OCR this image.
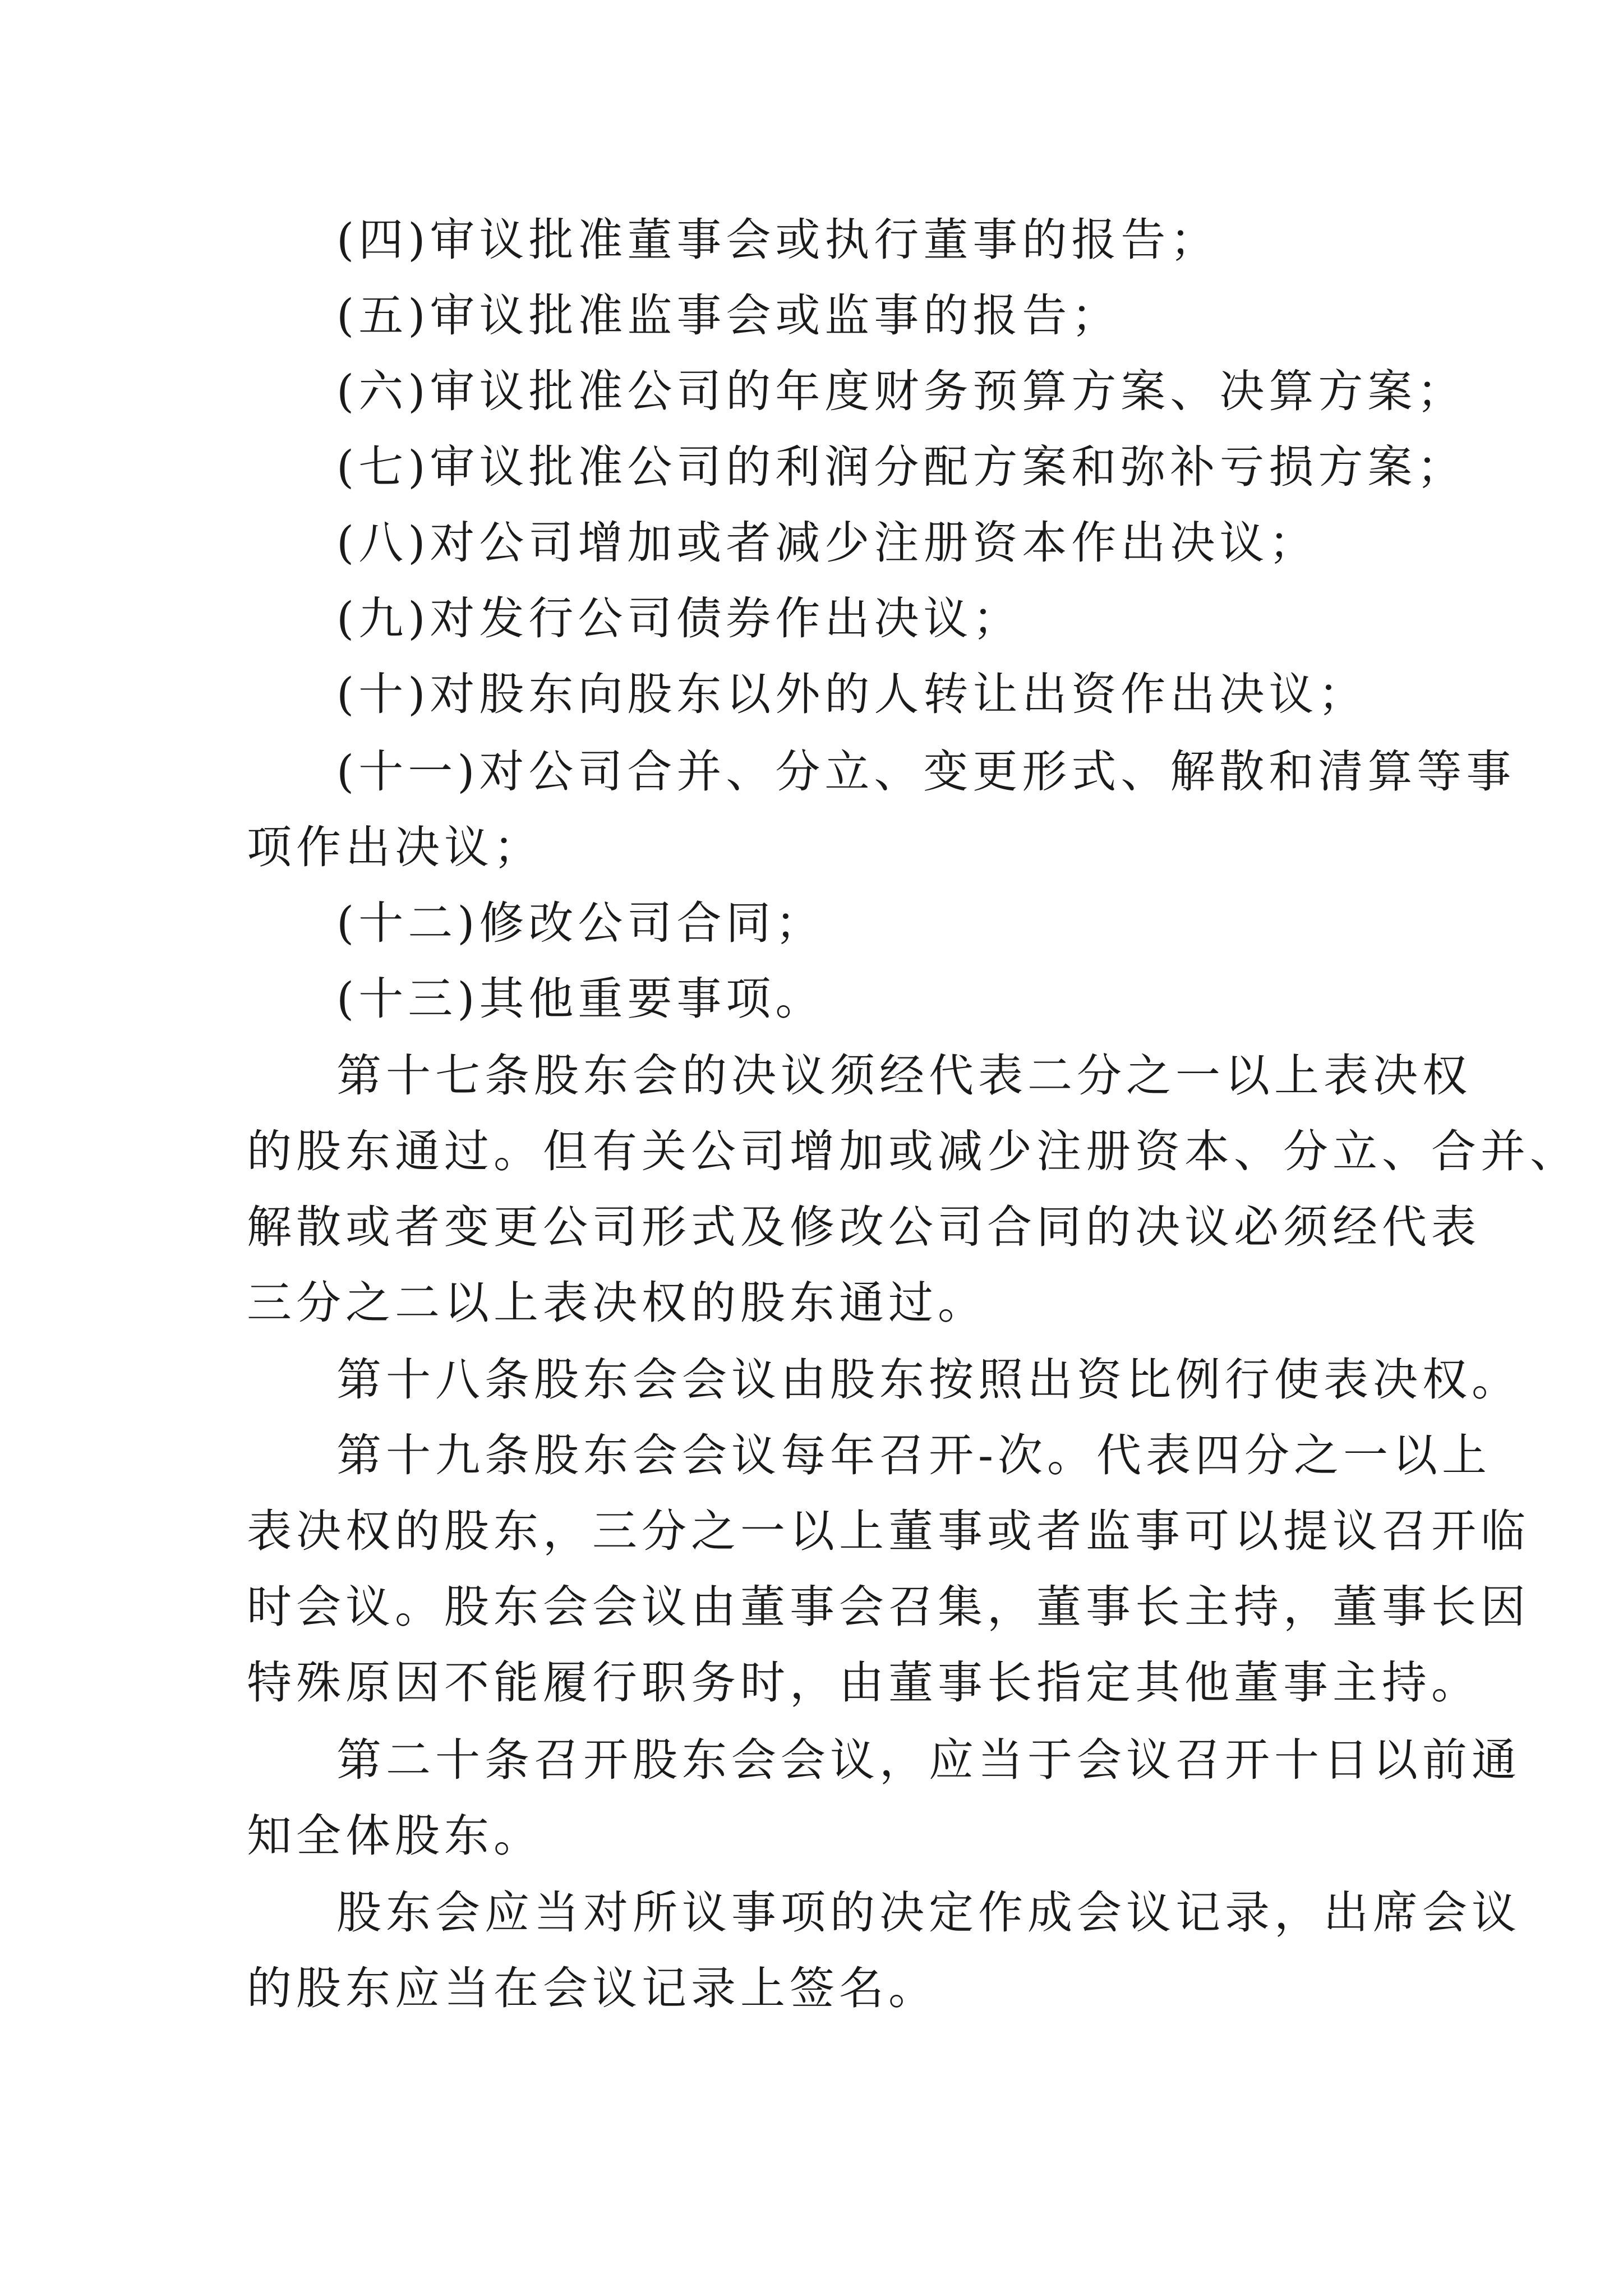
(四)审议批准董事会或执行董事的报告；

(五)审议批准监事会或监事的报告；

(六)审议批准公司的年度财务预算方案、决算方案；

(七)审议批准公司的利润分配方案和弥补亏损方案；

(八)对公司增加或者减少注册资本作出决议；

(九)对发行公司债券作出决议；

(十)对股东向股东以外的人转让出资作出决议；

(十一)对公司合并、分立、变更形式、解散和清算等事

项作出决议；

(十二)修改公司合同；

(十三)其他重要事项。

第十七条股东会的决议须经代表二分之一以上表决权

的股东通过。但有关公司增加或减少注册资本、分立、合并、

解散或者变更公司形式及修改公司合同的决议必须经代表

三分之二以上表决权的股东通过。

第十八条股东会会议由股东按照出资比例行使表决权。

第十九条股东会会议每年召开-次。代表四分之一以上

表决权的股东，三分之一以上董事或者监事可以提议召开临

时会议。股东会会议由董事会召集，董事长主持，董事长因

特殊原因不能履行职务时，由董事长指定其他董事主持。

第二十条召开股东会会议，应当于会议召开十日以前通

知全体股东。

股东会应当对所议事项的决定作成会议记录，出席会议

的股东应当在会议记录上签名。
